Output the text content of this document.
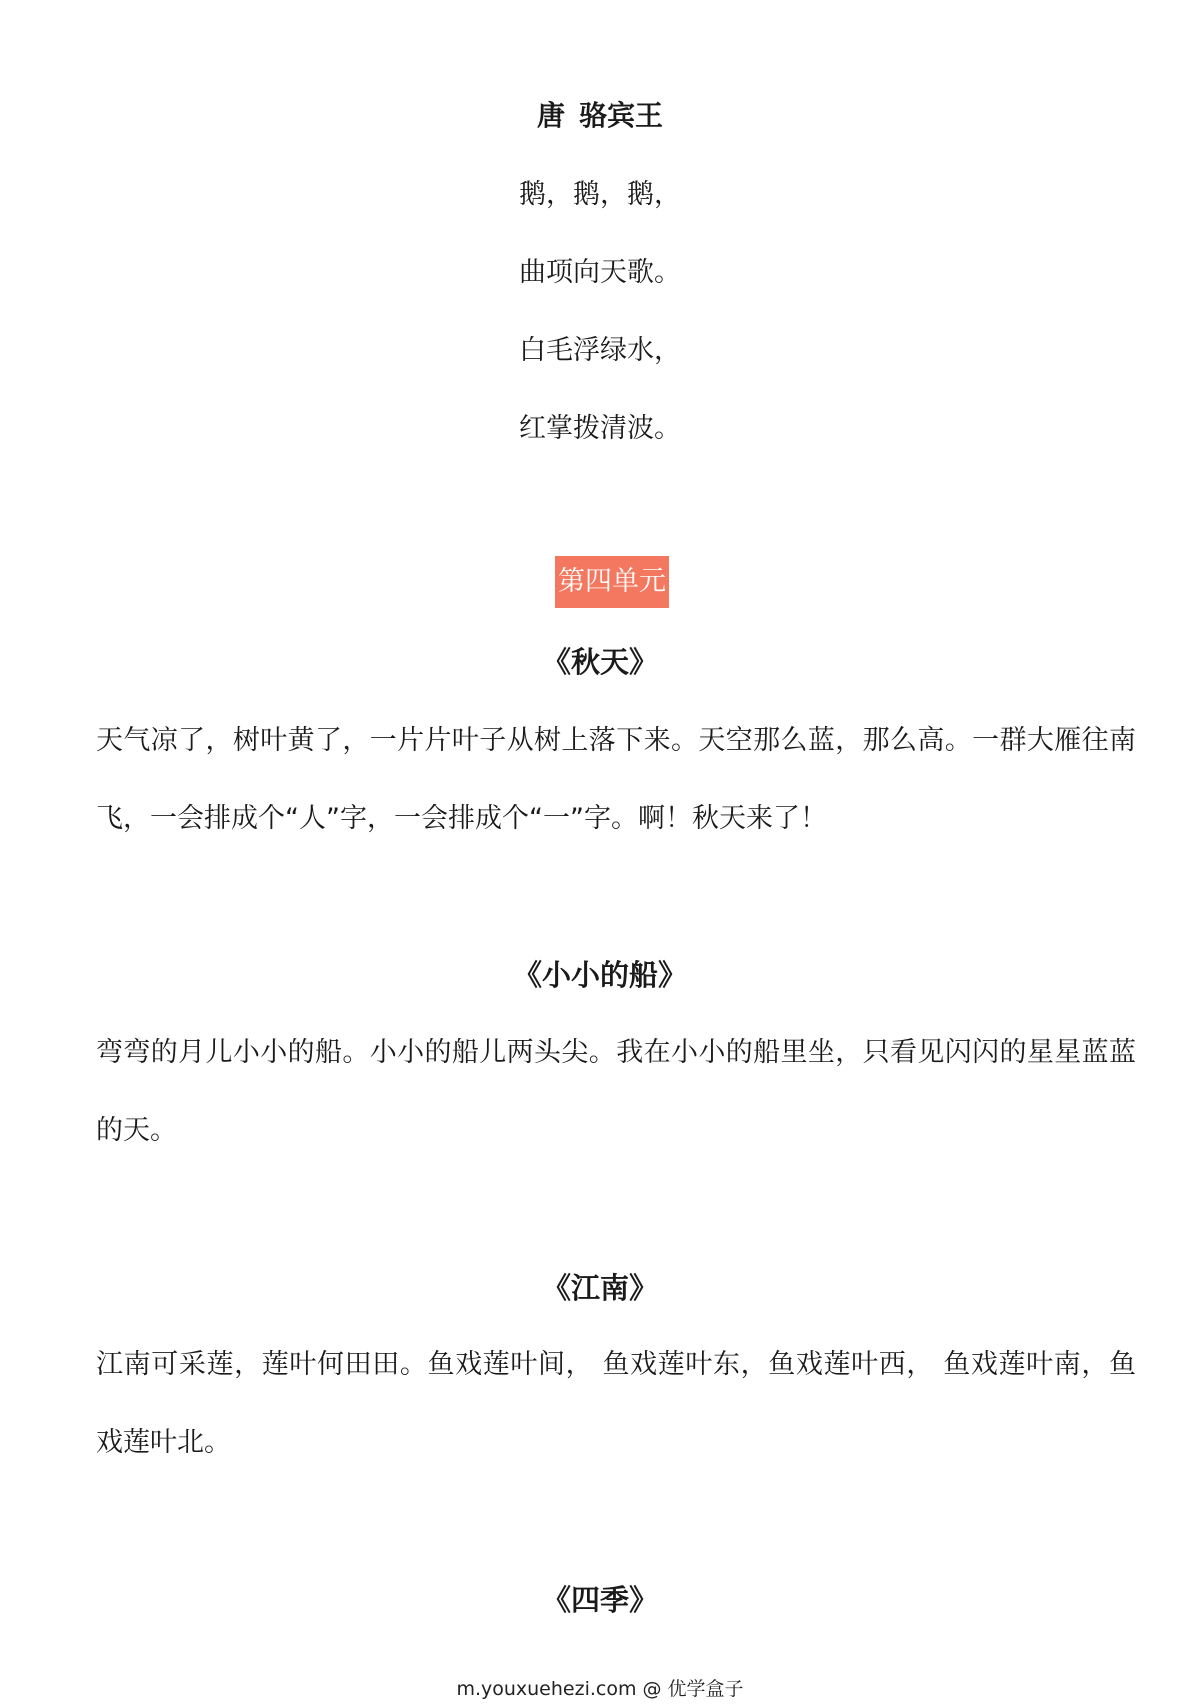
唐 骆宾王
鹅，鹅，鹅，
曲项向天歌。
白毛浮绿水，
红掌拨清波。
第四单元
《秋天》
天气凉了，树叶黄了，一片片叶子从树上落下来。天空那么蓝，那么高。一群大雁往南飞，一会排成个“人”字，一会排成个“一”字。啊！秋天来了！
《小小的船》
弯弯的月儿小小的船。小小的船儿两头尖。我在小小的船里坐，只看见闪闪的星星蓝蓝的天。
《江南》
江南可采莲，莲叶何田田。鱼戏莲叶间， 鱼戏莲叶东，鱼戏莲叶西， 鱼戏莲叶南，鱼戏莲叶北。
《四季》
m.youxuehezi.com @ 优学盒子
